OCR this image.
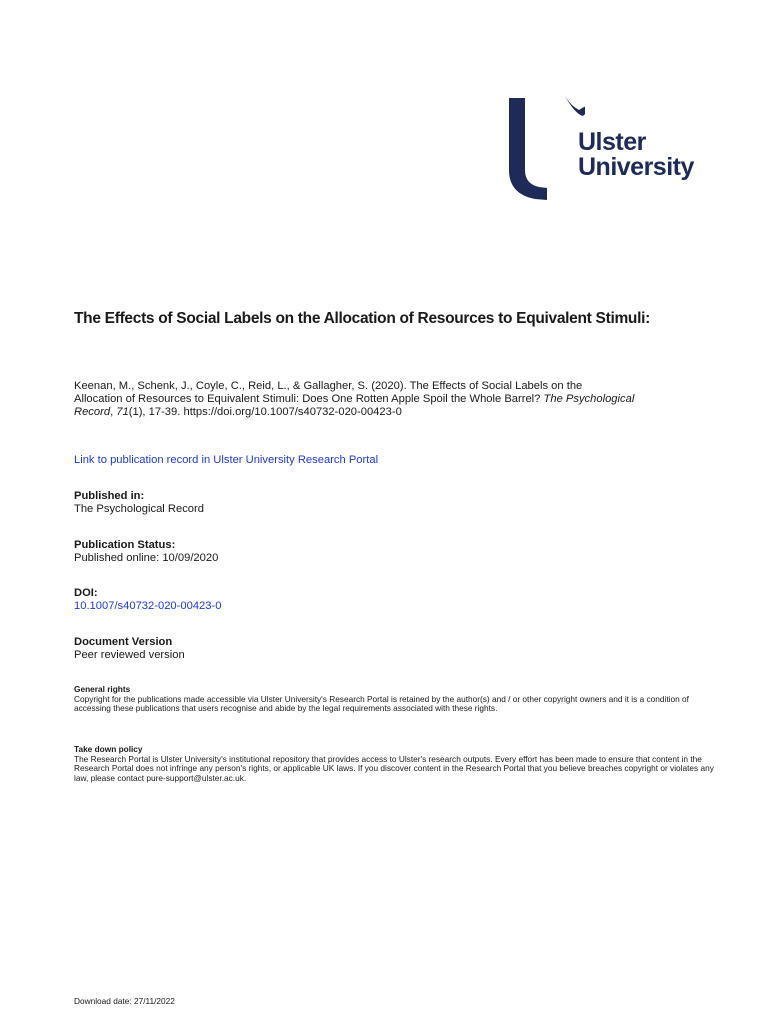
Ulster
University
The Effects of Social Labels on the Allocation of Resources to Equivalent Stimuli:
Keenan, M., Schenk, J., Coyle, C., Reid, L., & Gallagher, S. (2020). The Effects of Social Labels on the
Allocation of Resources to Equivalent Stimuli: Does One Rotten Apple Spoil the Whole Barrel? The Psychological Record, 71(1), 17-39. https://doi.org/10.1007/s40732-020-00423-0
Link to publication record in Ulster University Research Portal
Published in:
The Psychological Record
Publication Status:
Published online: 10/09/2020
DOI:
10.1007/s40732-020-00423-0
Document Version
Peer reviewed version
General rights
Copyright for the publications made accessible via Ulster University's Research Portal is retained by the author(s) and / or other copyright owners and it is a condition of accessing these publications that users recognise and abide by the legal requirements associated with these rights.
Take down policy
The Research Portal is Ulster University's institutional repository that provides access to Ulster's research outputs. Every effort has been made to ensure that content in the Research Portal does not infringe any person's rights, or applicable UK laws. If you discover content in the Research Portal that you believe breaches copyright or violates any law, please contact pure-support@ulster.ac.uk.
Download date: 27/11/2022
